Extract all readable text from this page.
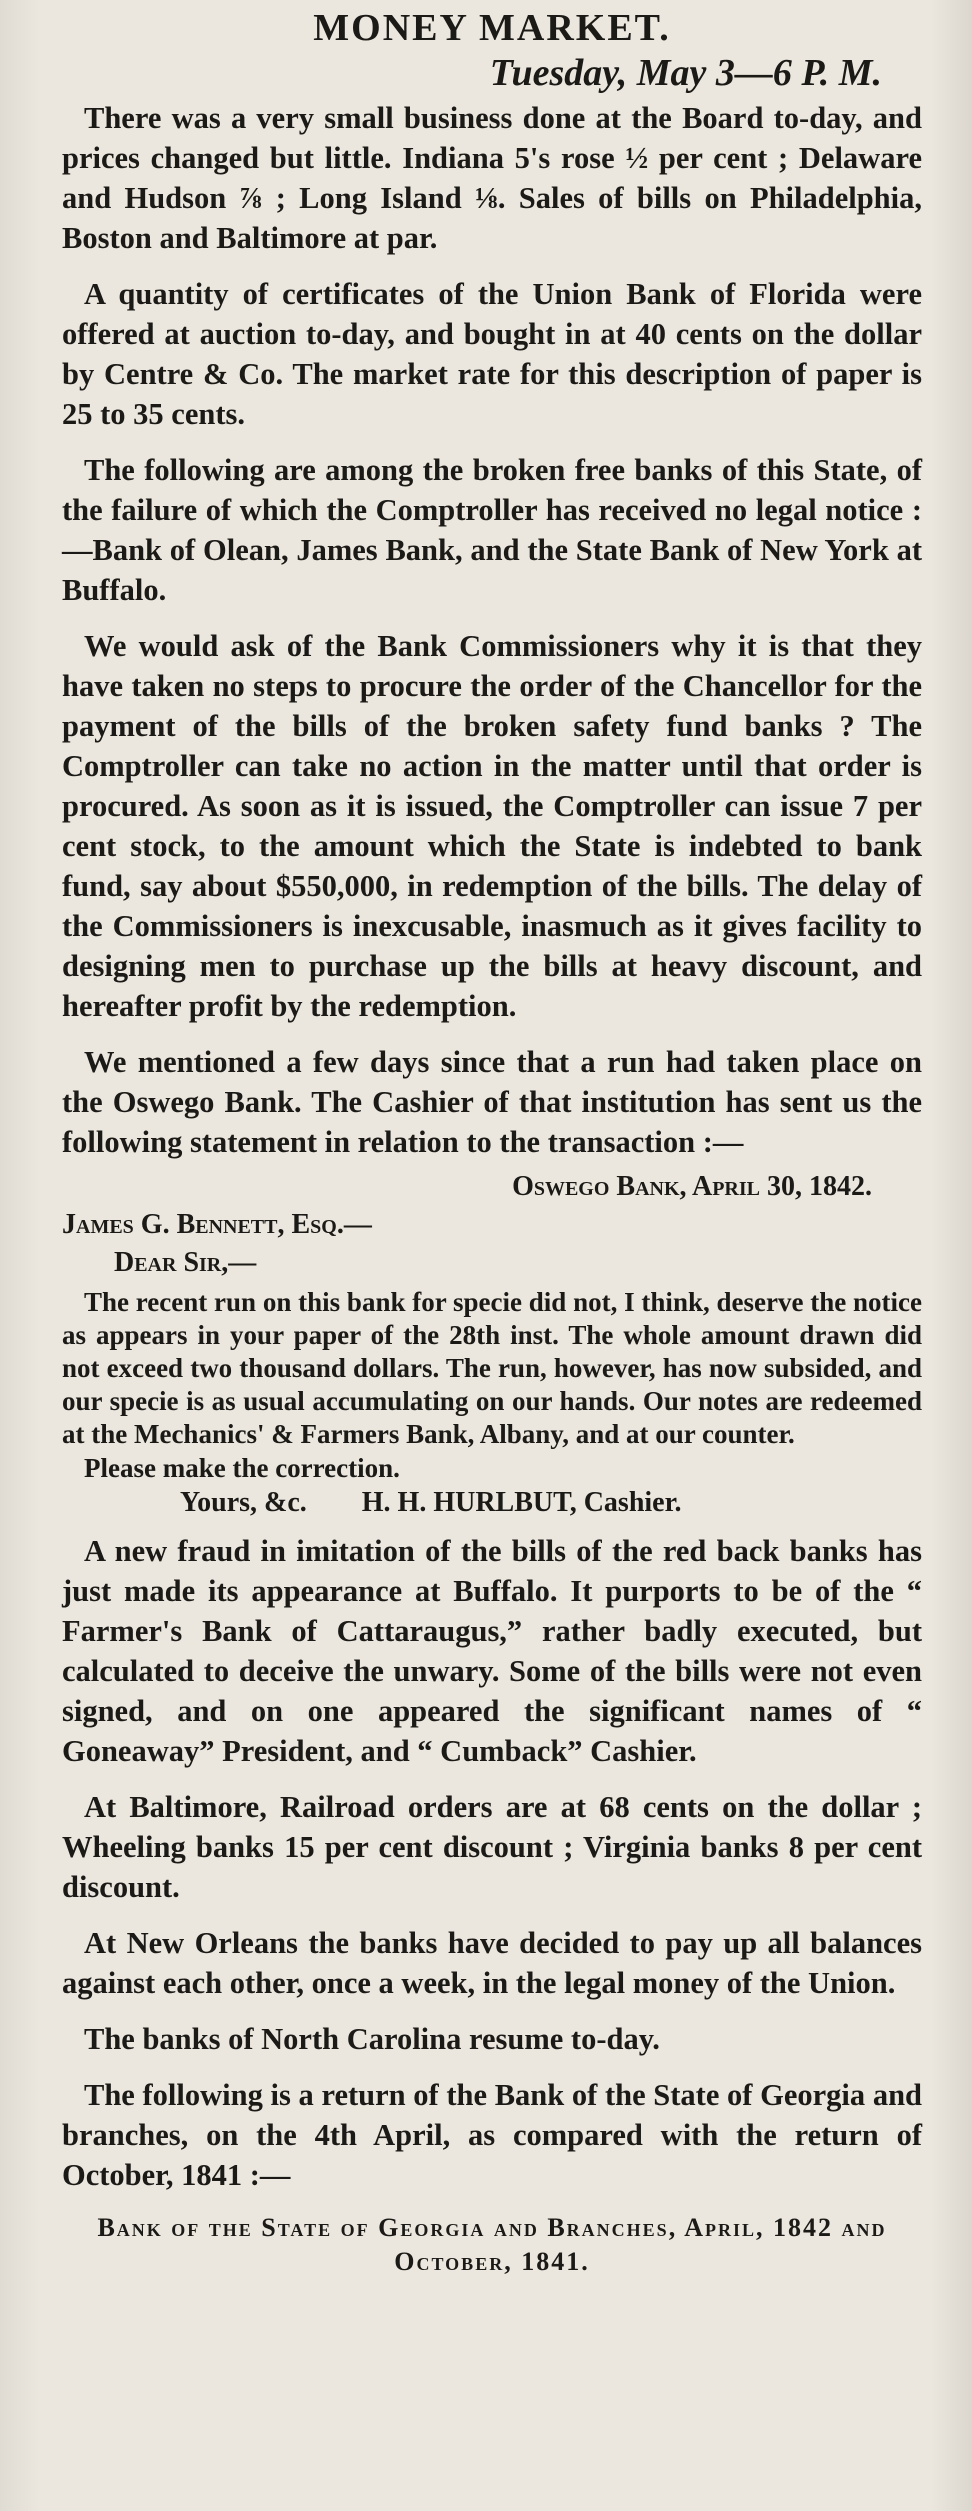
MONEY MARKET.
Tuesday, May 3—6 P. M.

There was a very small business done at the Board to-day, and prices changed but little. Indiana 5's rose ½ per cent ; Delaware and Hudson ⅞ ; Long Island ⅛. Sales of bills on Philadelphia, Boston and Baltimore at par.

A quantity of certificates of the Union Bank of Florida were offered at auction to-day, and bought in at 40 cents on the dollar by Centre & Co. The market rate for this description of paper is 25 to 35 cents.

The following are among the broken free banks of this State, of the failure of which the Comptroller has received no legal notice :—Bank of Olean, James Bank, and the State Bank of New York at Buffalo.

We would ask of the Bank Commissioners why it is that they have taken no steps to procure the order of the Chancellor for the payment of the bills of the broken safety fund banks ? The Comptroller can take no action in the matter until that order is procured. As soon as it is issued, the Comptroller can issue 7 per cent stock, to the amount which the State is indebted to bank fund, say about $550,000, in redemption of the bills. The delay of the Commissioners is inexcusable, inasmuch as it gives facility to designing men to purchase up the bills at heavy discount, and hereafter profit by the redemption.

We mentioned a few days since that a run had taken place on the Oswego Bank. The Cashier of that institution has sent us the following statement in relation to the transaction :—

Oswego Bank, April 30, 1842.

James G. Bennett, Esq.—

Dear Sir,—

The recent run on this bank for specie did not, I think, deserve the notice as appears in your paper of the 28th inst. The whole amount drawn did not exceed two thousand dollars. The run, however, has now subsided, and our specie is as usual accumulating on our hands. Our notes are redeemed at the Mechanics' & Farmers Bank, Albany, and at our counter.

Please make the correction.

Yours, &c. H. H. HURLBUT, Cashier.

A new fraud in imitation of the bills of the red back banks has just made its appearance at Buffalo. It purports to be of the “ Farmer's Bank of Cattaraugus,” rather badly executed, but calculated to deceive the unwary. Some of the bills were not even signed, and on one appeared the significant names of “ Goneaway” President, and “ Cumback” Cashier.

At Baltimore, Railroad orders are at 68 cents on the dollar ; Wheeling banks 15 per cent discount ; Virginia banks 8 per cent discount.

At New Orleans the banks have decided to pay up all balances against each other, once a week, in the legal money of the Union.

The banks of North Carolina resume to-day.

The following is a return of the Bank of the State of Georgia and branches, on the 4th April, as compared with the return of October, 1841 :—

Bank of the State of Georgia and Branches, April, 1842 and October, 1841.
